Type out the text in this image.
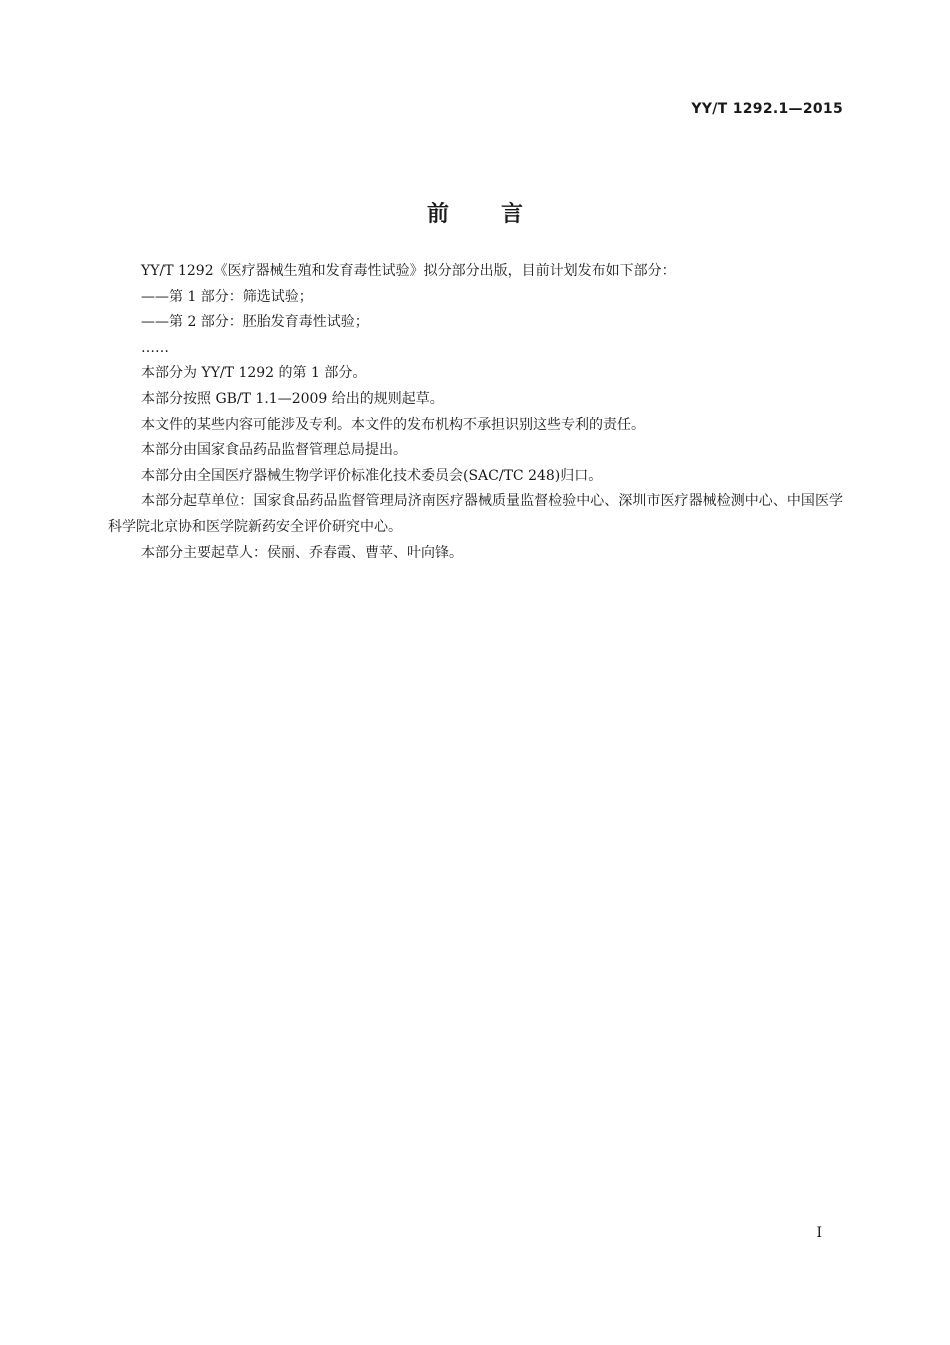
YY/T 1292.1—2015
前言

YY/T 1292《医疗器械生殖和发育毒性试验》拟分部分出版，目前计划发布如下部分：

——第 1 部分：筛选试验；

——第 2 部分：胚胎发育毒性试验；

……

本部分为 YY/T 1292 的第 1 部分。

本部分按照 GB/T 1.1—2009 给出的规则起草。

本文件的某些内容可能涉及专利。本文件的发布机构不承担识别这些专利的责任。

本部分由国家食品药品监督管理总局提出。

本部分由全国医疗器械生物学评价标准化技术委员会(SAC/TC 248)归口。

本部分起草单位：国家食品药品监督管理局济南医疗器械质量监督检验中心、深圳市医疗器械检测中心、中国医学科学院北京协和医学院新药安全评价研究中心。

本部分主要起草人：侯丽、乔春霞、曹苹、叶向锋。

I
